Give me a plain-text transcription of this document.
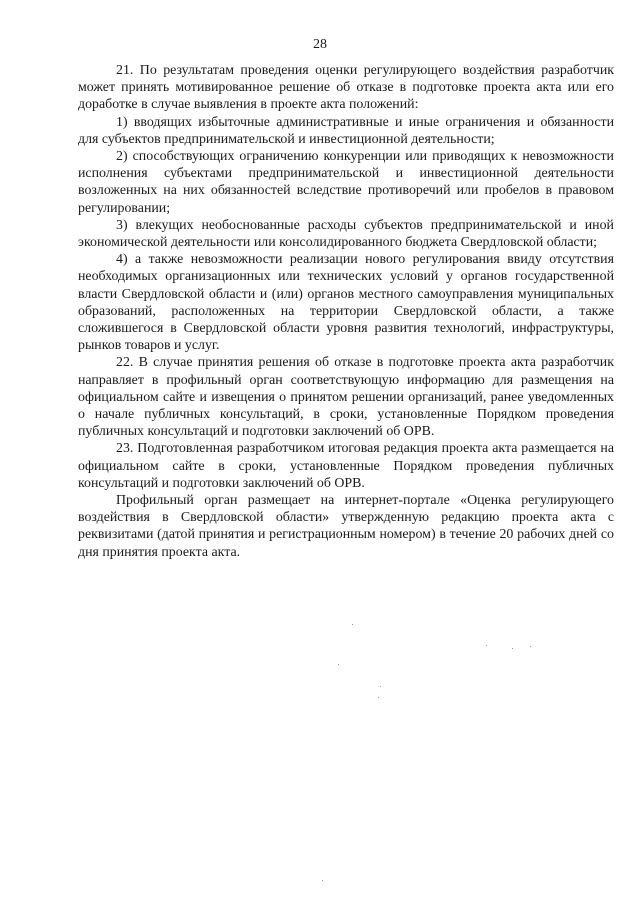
28

21. По результатам проведения оценки регулирующего воздействия разработчик может принять мотивированное решение об отказе в подготовке проекта акта или его доработке в случае выявления в проекте акта положений:

1) вводящих избыточные административные и иные ограничения и обязанности для субъектов предпринимательской и инвестиционной деятельности;

2) способствующих ограничению конкуренции или приводящих к невозможности исполнения субъектами предпринимательской и инвестиционной деятельности возложенных на них обязанностей вследствие противоречий или пробелов в правовом регулировании;

3) влекущих необоснованные расходы субъектов предпринимательской и иной экономической деятельности или консолидированного бюджета Свердловской области;

4) а также невозможности реализации нового регулирования ввиду отсутствия необходимых организационных или технических условий у органов государственной власти Свердловской области и (или) органов местного самоуправления муниципальных образований, расположенных на территории Свердловской области, а также сложившегося в Свердловской области уровня развития технологий, инфраструктуры, рынков товаров и услуг.

22. В случае принятия решения об отказе в подготовке проекта акта разработчик направляет в профильный орган соответствующую информацию для размещения на официальном сайте и извещения о принятом решении организаций, ранее уведомленных о начале публичных консультаций, в сроки, установленные Порядком проведения публичных консультаций и подготовки заключений об ОРВ.

23. Подготовленная разработчиком итоговая редакция проекта акта размещается на официальном сайте в сроки, установленные Порядком проведения публичных консультаций и подготовки заключений об ОРВ.

Профильный орган размещает на интернет-портале «Оценка регулирующего воздействия в Свердловской области» утвержденную редакцию проекта акта с реквизитами (датой принятия и регистрационным номером) в течение 20 рабочих дней со дня принятия проекта акта.
